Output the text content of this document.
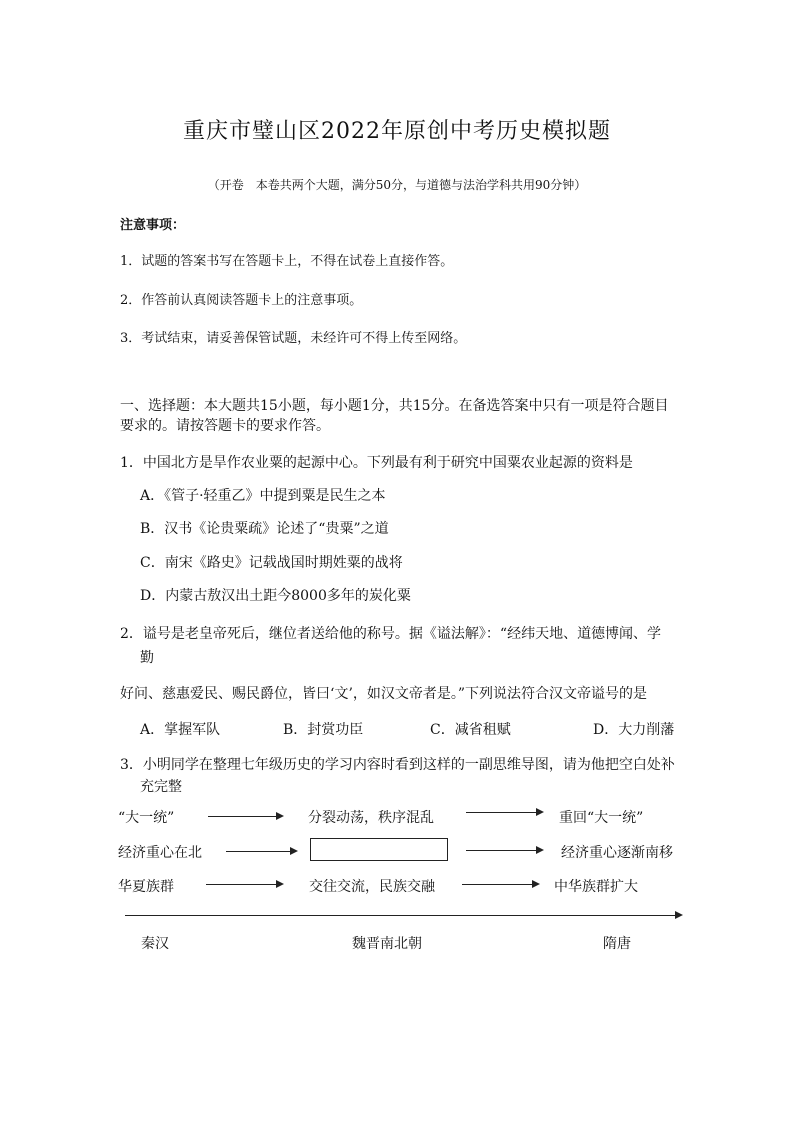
重庆市璧山区2022年原创中考历史模拟题
（开卷　本卷共两个大题，满分50分，与道德与法治学科共用90分钟）
注意事项：
1．试题的答案书写在答题卡上，不得在试卷上直接作答。
2．作答前认真阅读答题卡上的注意事项。
3．考试结束，请妥善保管试题，未经许可不得上传至网络。
一、选择题：本大题共15小题，每小题1分，共15分。在备选答案中只有一项是符合题目
要求的。请按答题卡的要求作答。
1．中国北方是旱作农业粟的起源中心。下列最有利于研究中国粟农业起源的资料是
A．《管子·轻重乙》中提到粟是民生之本
B．汉书《论贵粟疏》论述了“贵粟”之道
C．南宋《路史》记载战国时期姓粟的战将
D．内蒙古敖汉出土距今8000多年的炭化粟
2．谥号是老皇帝死后，继位者送给他的称号。据《谥法解》：“经纬天地、道德博闻、学
勤
好问、慈惠爱民、赐民爵位，皆曰‘文’，如汉文帝者是。”下列说法符合汉文帝谥号的是
A．掌握军队	B．封赏功臣	C．减省租赋	D．大力削藩
3．小明同学在整理七年级历史的学习内容时看到这样的一副思维导图，请为他把空白处补
充完整
“大一统”	分裂动荡，秩序混乱	重回“大一统”
经济重心在北	经济重心逐渐南移
华夏族群	交往交流，民族交融	中华族群扩大
秦汉	魏晋南北朝	隋唐
